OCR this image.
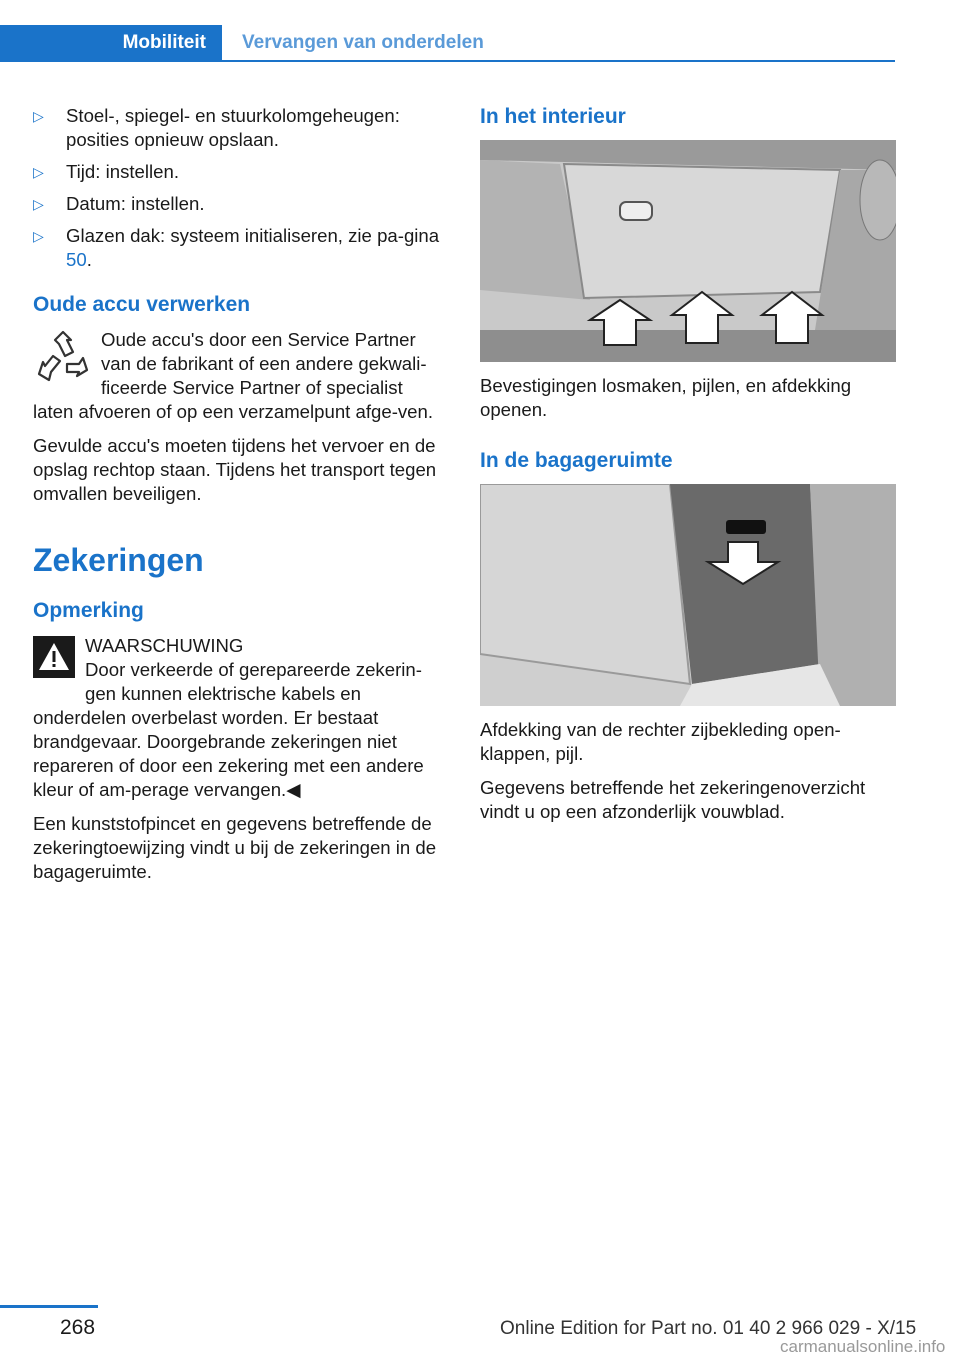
Mobiliteit	Vervangen van onderdelen
▷ Stoel-, spiegel- en stuurkolomgeheugen: posities opnieuw opslaan.
▷ Tijd: instellen.
▷ Datum: instellen.
▷ Glazen dak: systeem initialiseren, zie pa‐gina 50.
Oude accu verwerken

Oude accu's door een Service Partner van de fabrikant of een andere gekwali‐ficeerde Service Partner of specialist laten afvoeren of op een verzamelpunt afge‐ven.

Gevulde accu's moeten tijdens het vervoer en de opslag rechtop staan. Tijdens het transport tegen omvallen beveiligen.

Zekeringen
Opmerking

WAARSCHUWING
Door verkeerde of gerepareerde zekerin‐gen kunnen elektrische kabels en onderdelen overbelast worden. Er bestaat brandgevaar. Doorgebrande zekeringen niet repareren of door een zekering met een andere kleur of am‐perage vervangen.◀

Een kunststofpincet en gegevens betreffende de zekeringtoewijzing vindt u bij de zekeringen in de bagageruimte.

In het interieur

Bevestigingen losmaken, pijlen, en afdekking openen.

In de bagageruimte

Afdekking van de rechter zijbekleding open‐klappen, pijl.

Gegevens betreffende het zekeringenoverzicht vindt u op een afzonderlijk vouwblad.

268	Online Edition for Part no. 01 40 2 966 029 - X/15
carmanualsonline.info
